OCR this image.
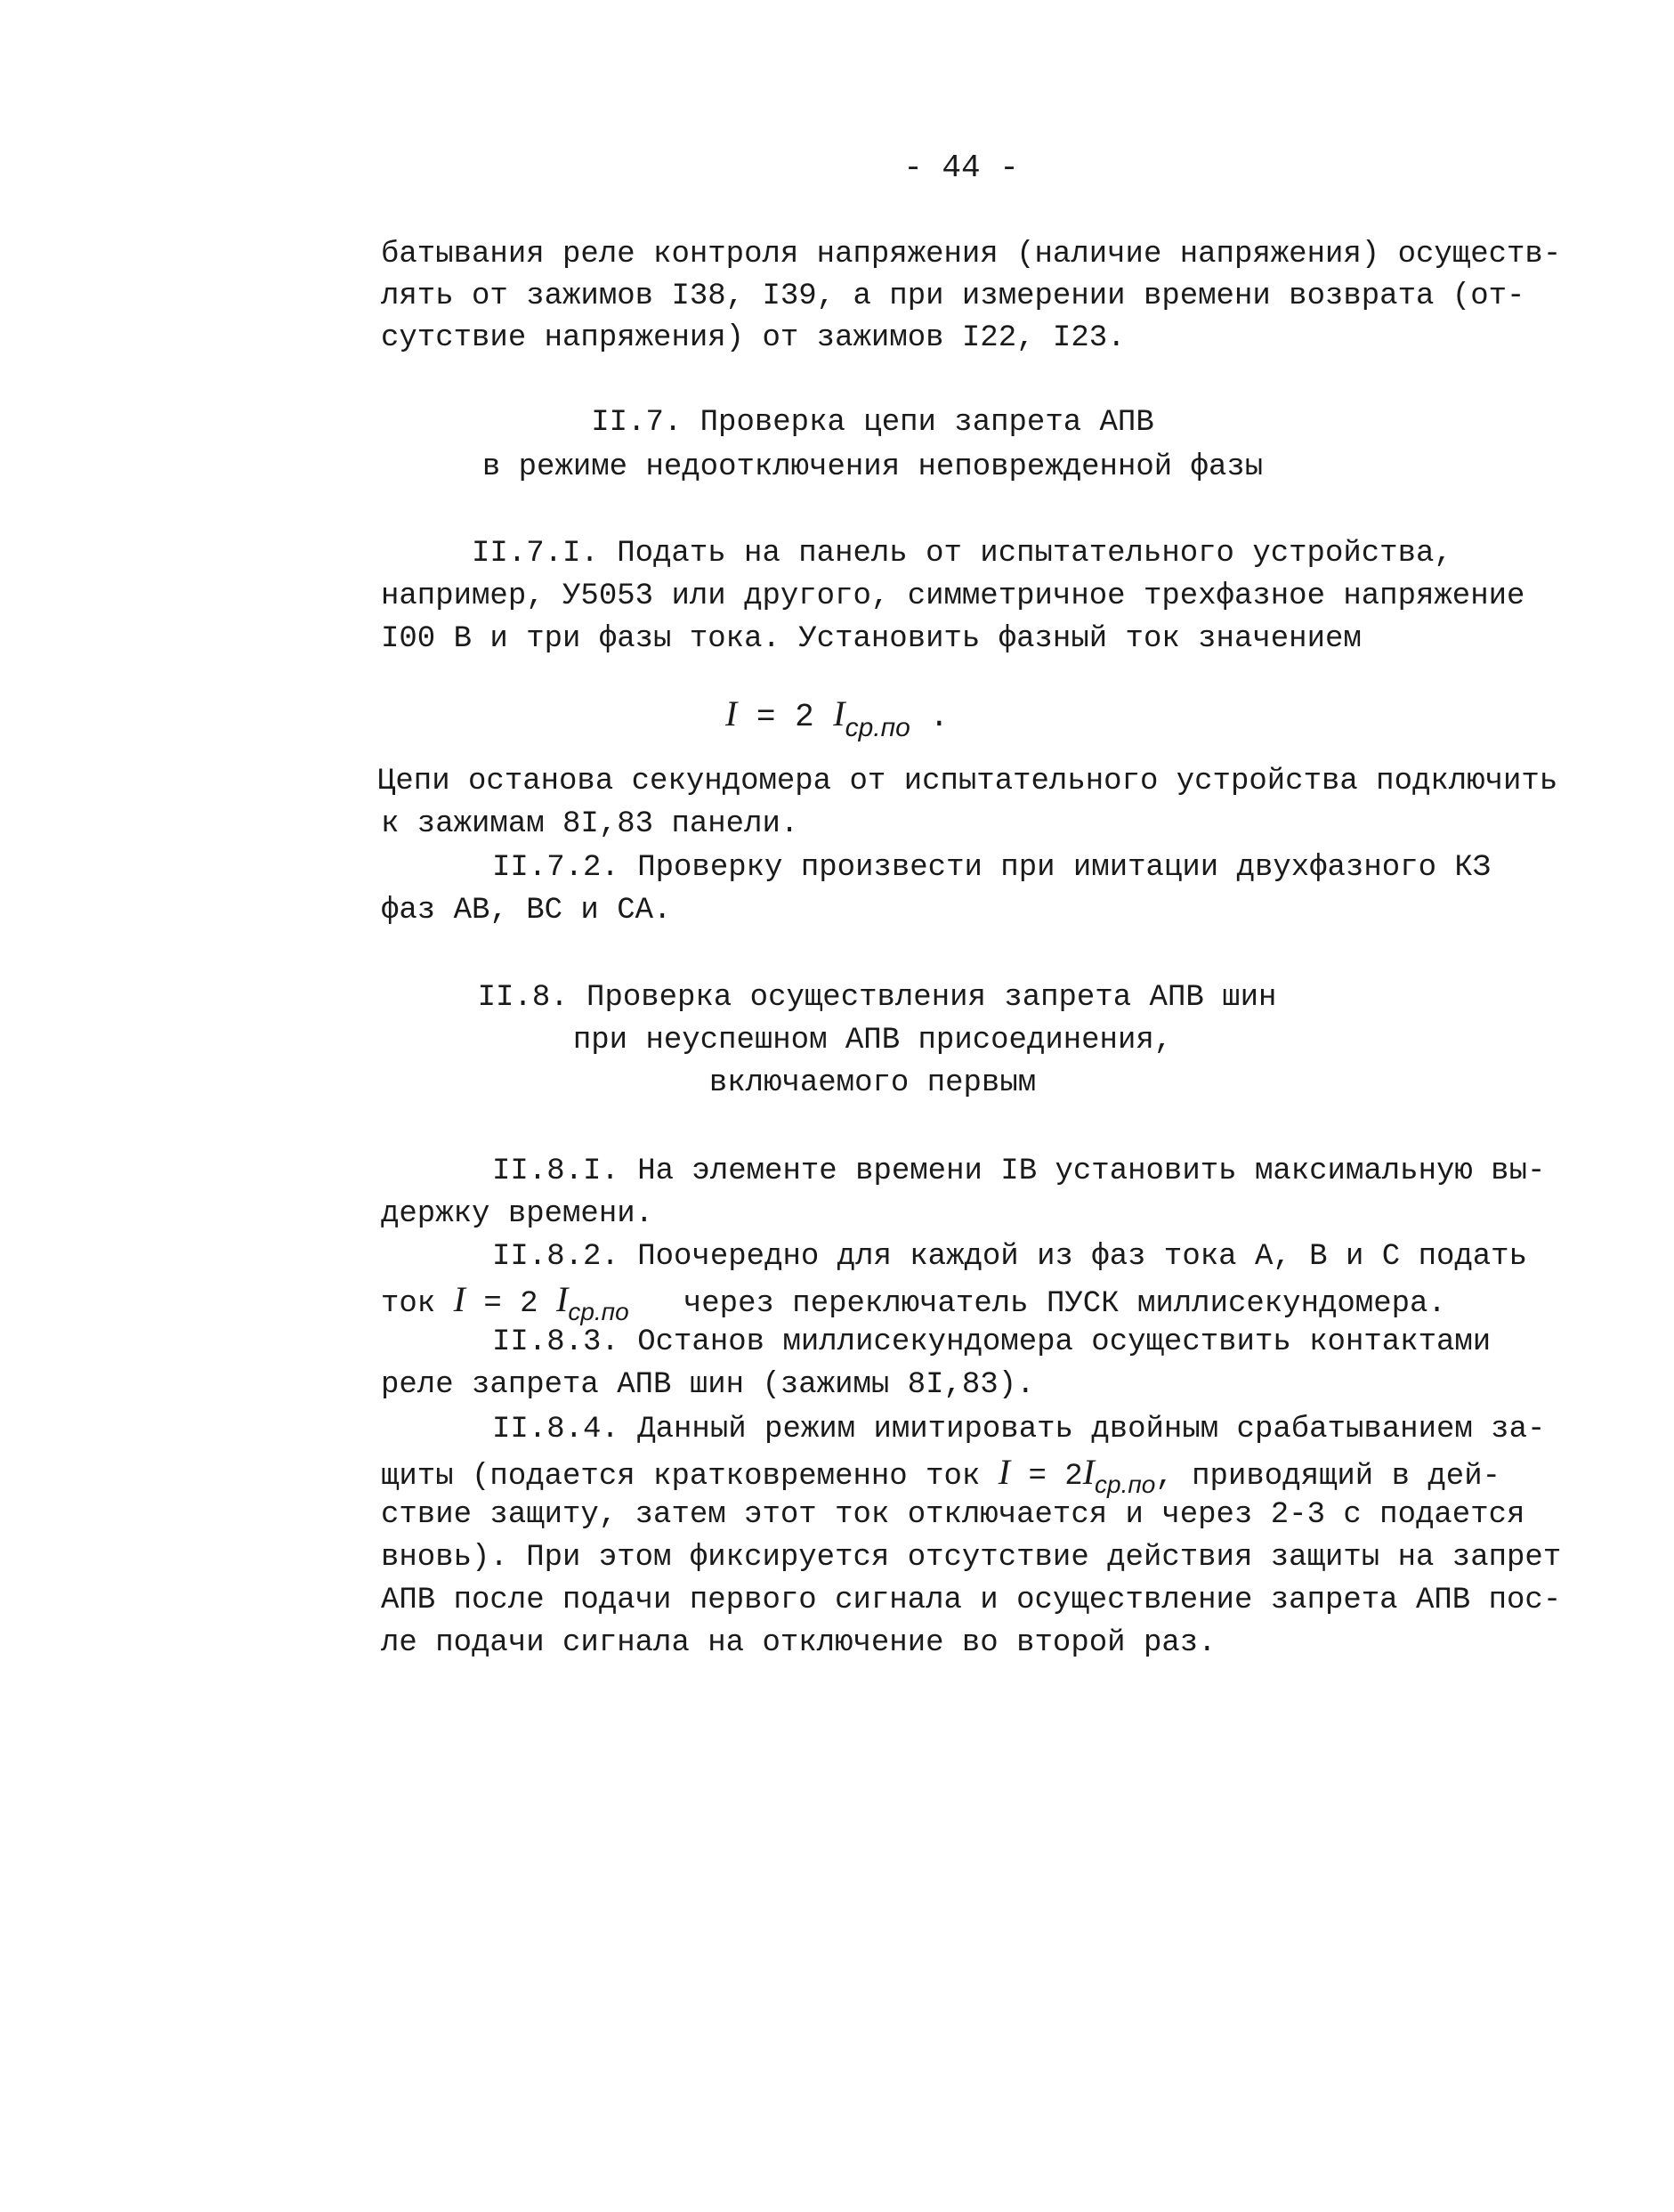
- 44 -
батывания реле контроля напряжения (наличие напряжения) осуществ-
лять от зажимов I38, I39, а при измерении времени возврата (от-
сутствие напряжения) от зажимов I22, I23.
II.7. Проверка цепи запрета АПВ
в режиме недоотключения неповрежденной фазы
II.7.I. Подать на панель от испытательного устройства,
например, У5053 или другого, симметричное трехфазное напряжение
I00 В и три фазы тока. Установить фазный ток значением
I = 2 $I_{ср.по}$ .
Цепи останова секундомера от испытательного устройства подключить
к зажимам 8I,83 панели.
II.7.2. Проверку произвести при имитации двухфазного КЗ
фаз АВ, ВС и СА.
II.8. Проверка осуществления запрета АПВ шин
при неуспешном АПВ присоединения,
включаемого первым
II.8.I. На элементе времени IВ установить максимальную вы-
держку времени.
II.8.2. Поочередно для каждой из фаз тока А, В и С подать
ток I = 2 $I_{ср.по}$ через переключатель ПУСК миллисекундомера.
II.8.3. Останов миллисекундомера осуществить контактами
реле запрета АПВ шин (зажимы 8I,83).
II.8.4. Данный режим имитировать двойным срабатыванием за-
щиты (подается кратковременно ток $I = 2I_{ср.по}$, приводящий в дей-
ствие защиту, затем этот ток отключается и через 2-3 с подается
вновь). При этом фиксируется отсутствие действия защиты на запрет
АПВ после подачи первого сигнала и осуществление запрета АПВ пос-
ле подачи сигнала на отключение во второй раз.
